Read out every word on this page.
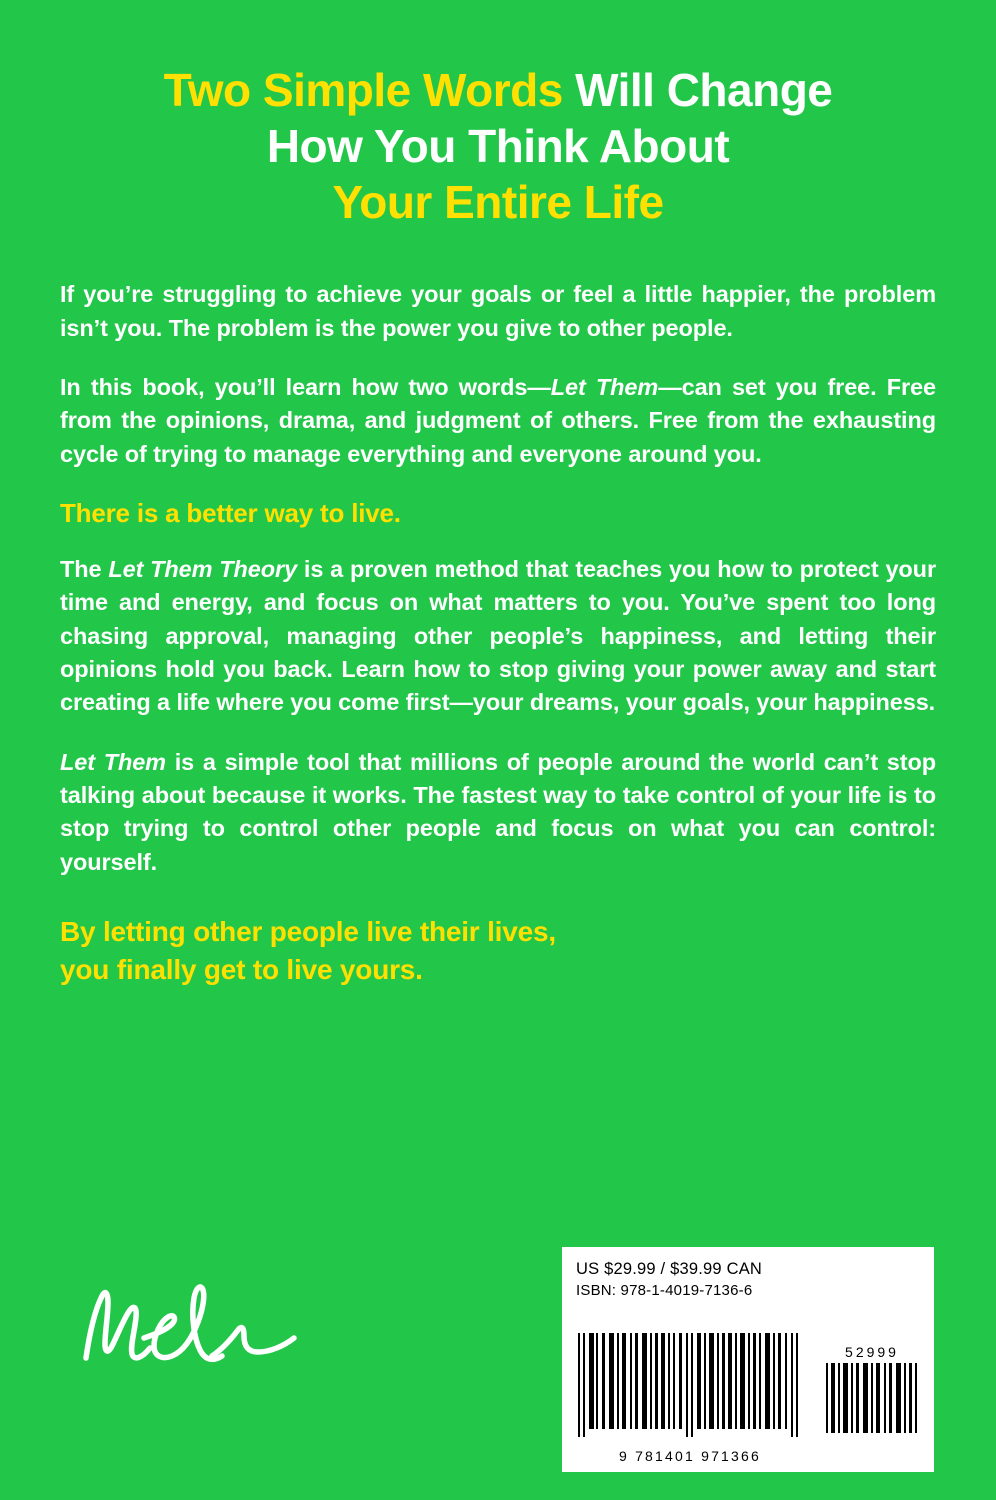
Two Simple Words Will Change
How You Think About
Your Entire Life

If you’re struggling to achieve your goals or feel a little happier, the problem isn’t you. The problem is the power you give to other people.

In this book, you’ll learn how two words—Let Them—can set you free. Free from the opinions, drama, and judgment of others. Free from the exhausting cycle of trying to manage everything and everyone around you.

There is a better way to live.

The Let Them Theory is a proven method that teaches you how to protect your time and energy, and focus on what matters to you. You’ve spent too long chasing approval, managing other people’s happiness, and letting their opinions hold you back. Learn how to stop giving your power away and start creating a life where you come first—your dreams, your goals, your happiness.

Let Them is a simple tool that millions of people around the world can’t stop talking about because it works. The fastest way to take control of your life is to stop trying to control other people and focus on what you can control: yourself.

By letting other people live their lives,
you finally get to live yours.

US $29.99 / $39.99 CAN
ISBN: 978-1-4019-7136-6
9 781401 971366
52999
